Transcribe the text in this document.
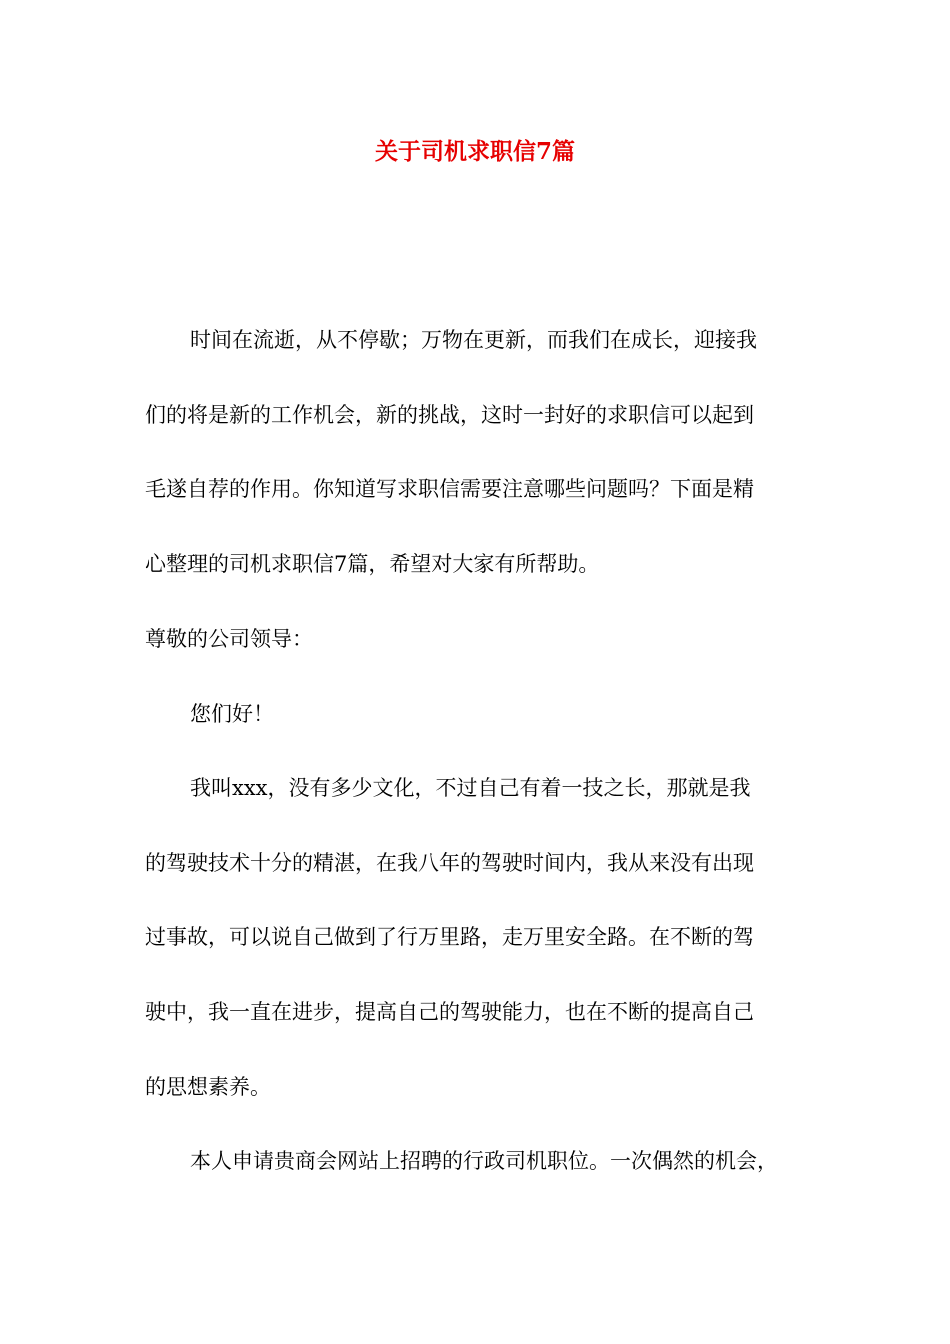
关于司机求职信7篇
时间在流逝，从不停歇；万物在更新，而我们在成长，迎接我
们的将是新的工作机会，新的挑战，这时一封好的求职信可以起到
毛遂自荐的作用。你知道写求职信需要注意哪些问题吗？下面是精
心整理的司机求职信7篇，希望对大家有所帮助。
尊敬的公司领导：
您们好！
我叫xxx，没有多少文化，不过自己有着一技之长，那就是我
的驾驶技术十分的精湛，在我八年的驾驶时间内，我从来没有出现
过事故，可以说自己做到了行万里路，走万里安全路。在不断的驾
驶中，我一直在进步，提高自己的驾驶能力，也在不断的提高自己
的思想素养。
本人申请贵商会网站上招聘的行政司机职位。一次偶然的机会，
